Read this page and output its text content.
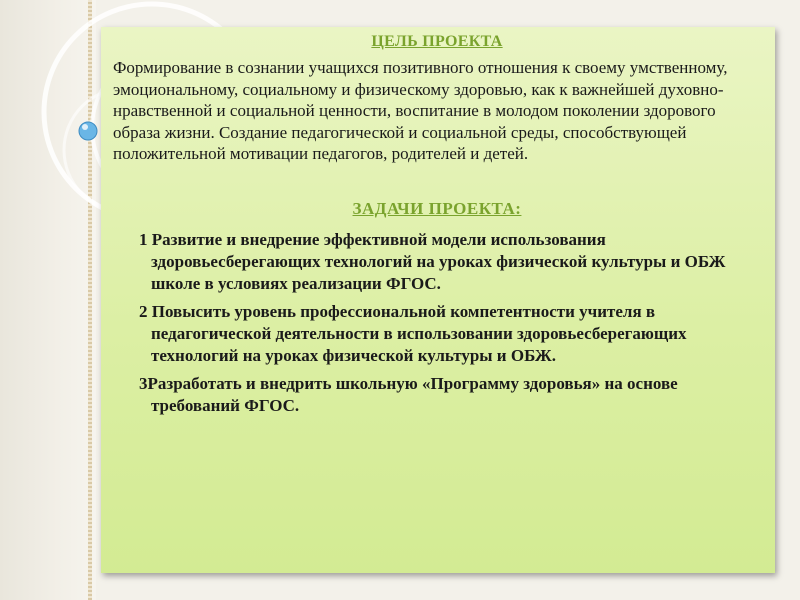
ЦЕЛЬ ПРОЕКТА
Формирование в сознании учащихся позитивного отношения к своему умственному, эмоциональному, социальному и физическому здоровью, как к важнейшей духовно-нравственной и социальной ценности, воспитание в молодом поколении здорового образа жизни. Создание педагогической и социальной среды, способствующей положительной мотивации педагогов, родителей и детей.
ЗАДАЧИ ПРОЕКТА:
1 Развитие и внедрение эффективной модели использования здоровьесберегающих технологий на уроках физической культуры и ОБЖ школе в условиях реализации ФГОС.
2 Повысить уровень профессиональной компетентности учителя в педагогической деятельности в использовании здоровьесберегающих технологий на уроках физической культуры и ОБЖ.
3Разработать и внедрить школьную «Программу здоровья» на основе требований ФГОС.
